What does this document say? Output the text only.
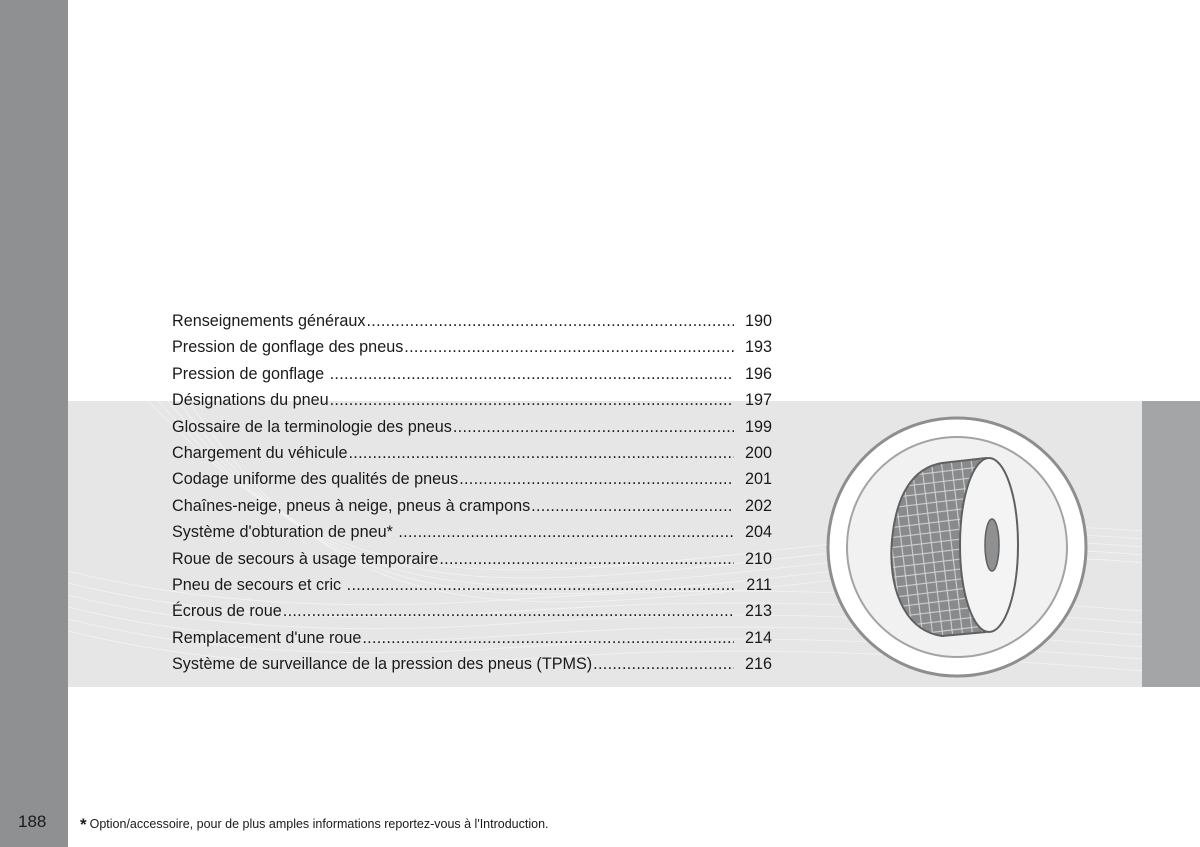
Renseignements généraux .....	190
Pression de gonflage des pneus .....	193
Pression de gonflage .....	196
Désignations du pneu .....	197
Glossaire de la terminologie des pneus .....	199
Chargement du véhicule .....	200
Codage uniforme des qualités de pneus .....	201
Chaînes-neige, pneus à neige, pneus à crampons .....	202
Système d'obturation de pneu* .....	204
Roue de secours à usage temporaire .....	210
Pneu de secours et cric .....	211
Écrous de roue .....	213
Remplacement d'une roue .....	214
Système de surveillance de la pression des pneus (TPMS) .....	216
188 * Option/accessoire, pour de plus amples informations reportez-vous à l'Introduction.
